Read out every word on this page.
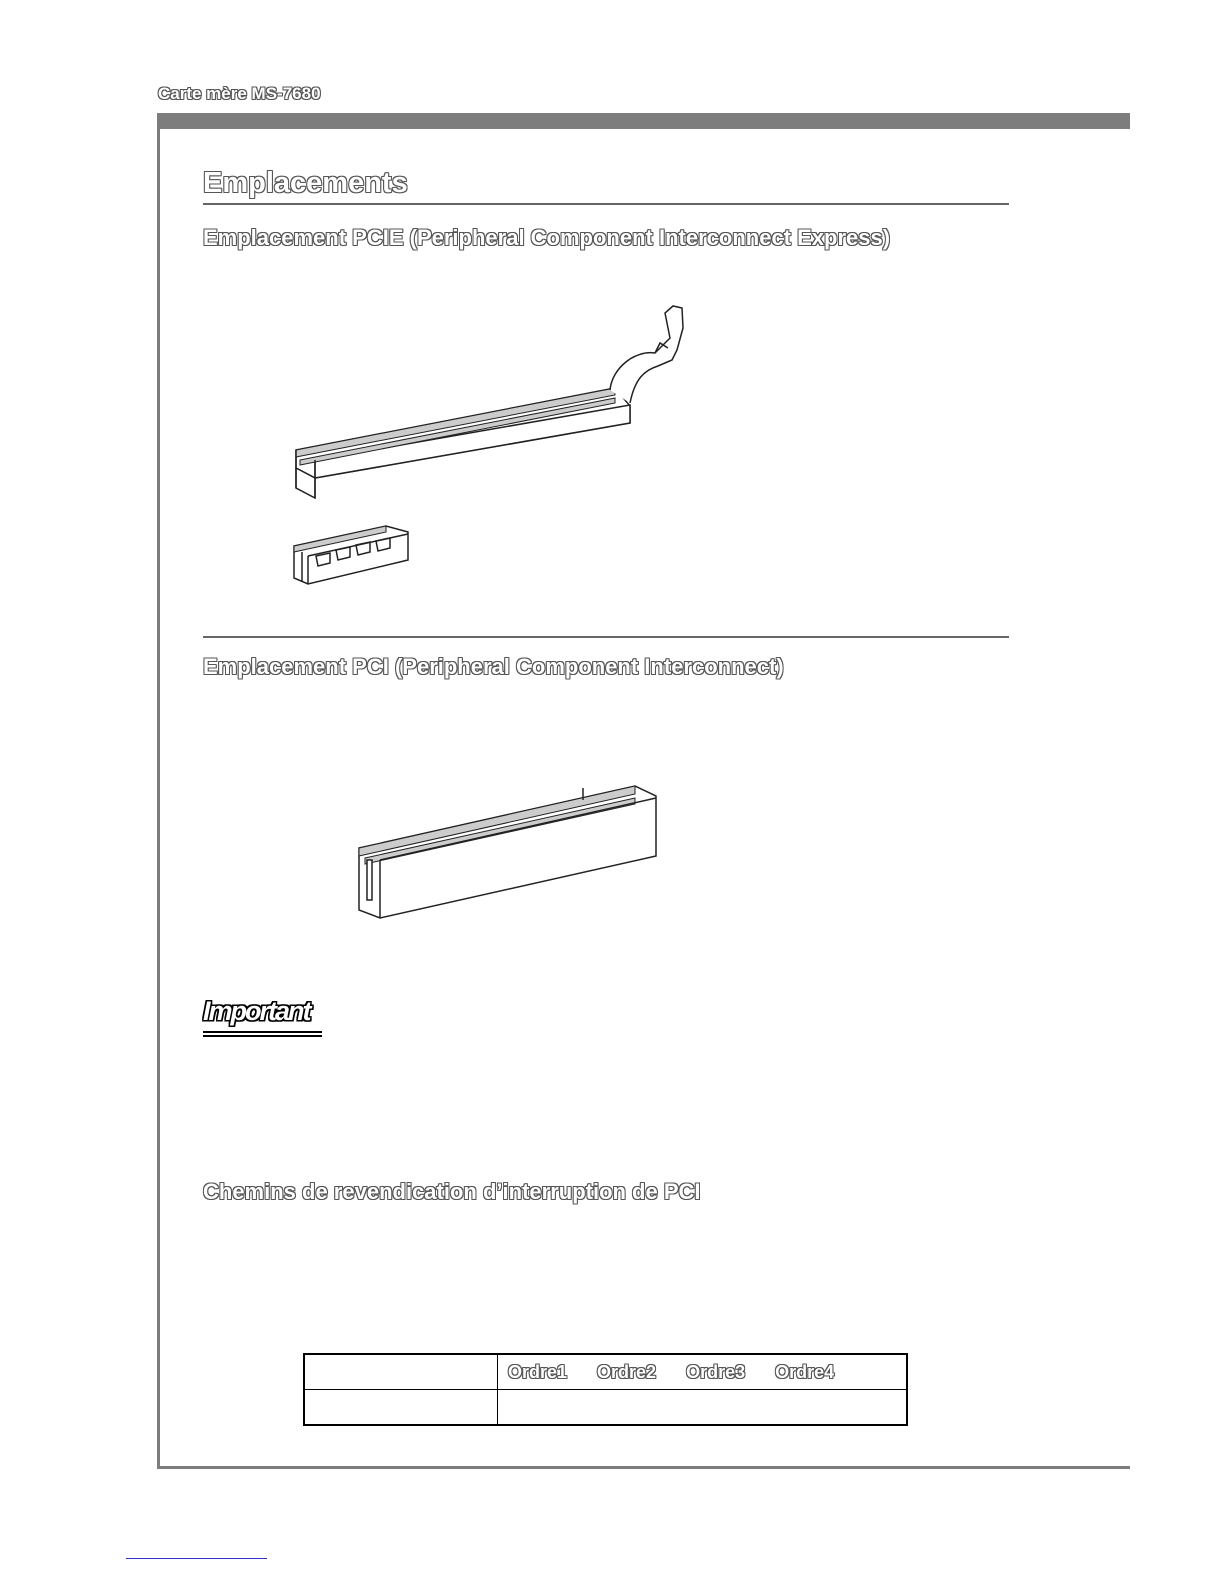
Carte mère MS-7680
Emplacements
Emplacement PCIE (Peripheral Component Interconnect Express)
Emplacement PCI (Peripheral Component Interconnect)
Important
Chemins de revendication d’interruption de PCI

	Ordre1 Ordre2 Ordre3 Ordre4
